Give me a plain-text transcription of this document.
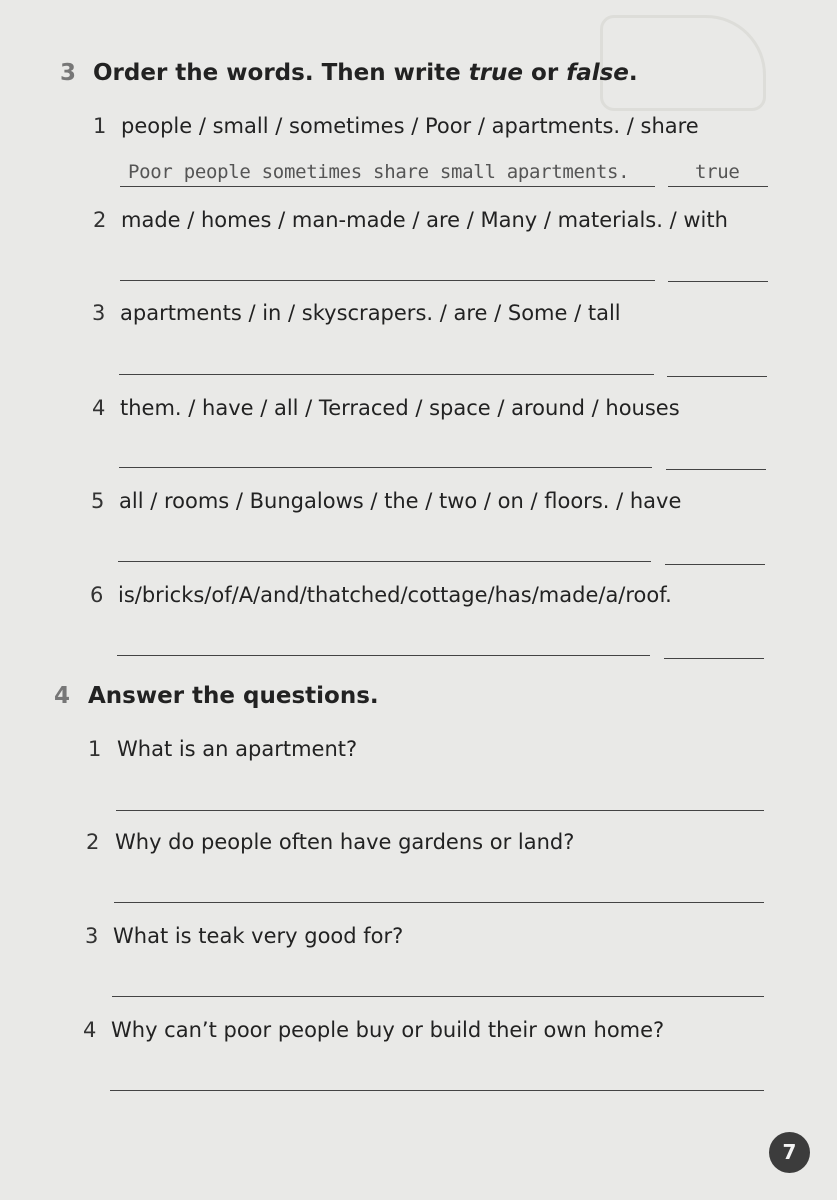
3 Order the words. Then write true or false.
1 people / small / sometimes / Poor / apartments. / share
Poor people sometimes share small apartments.	true
2 made / homes / man-made / are / Many / materials. / with
3 apartments / in / skyscrapers. / are / Some / tall
4 them. / have / all / Terraced / space / around / houses
5 all / rooms / Bungalows / the / two / on / floors. / have
6 is/bricks/of/A/and/thatched/cottage/has/made/a/roof.
4 Answer the questions.
1 What is an apartment?
2 Why do people often have gardens or land?
3 What is teak very good for?
4 Why can’t poor people buy or build their own home?
7
